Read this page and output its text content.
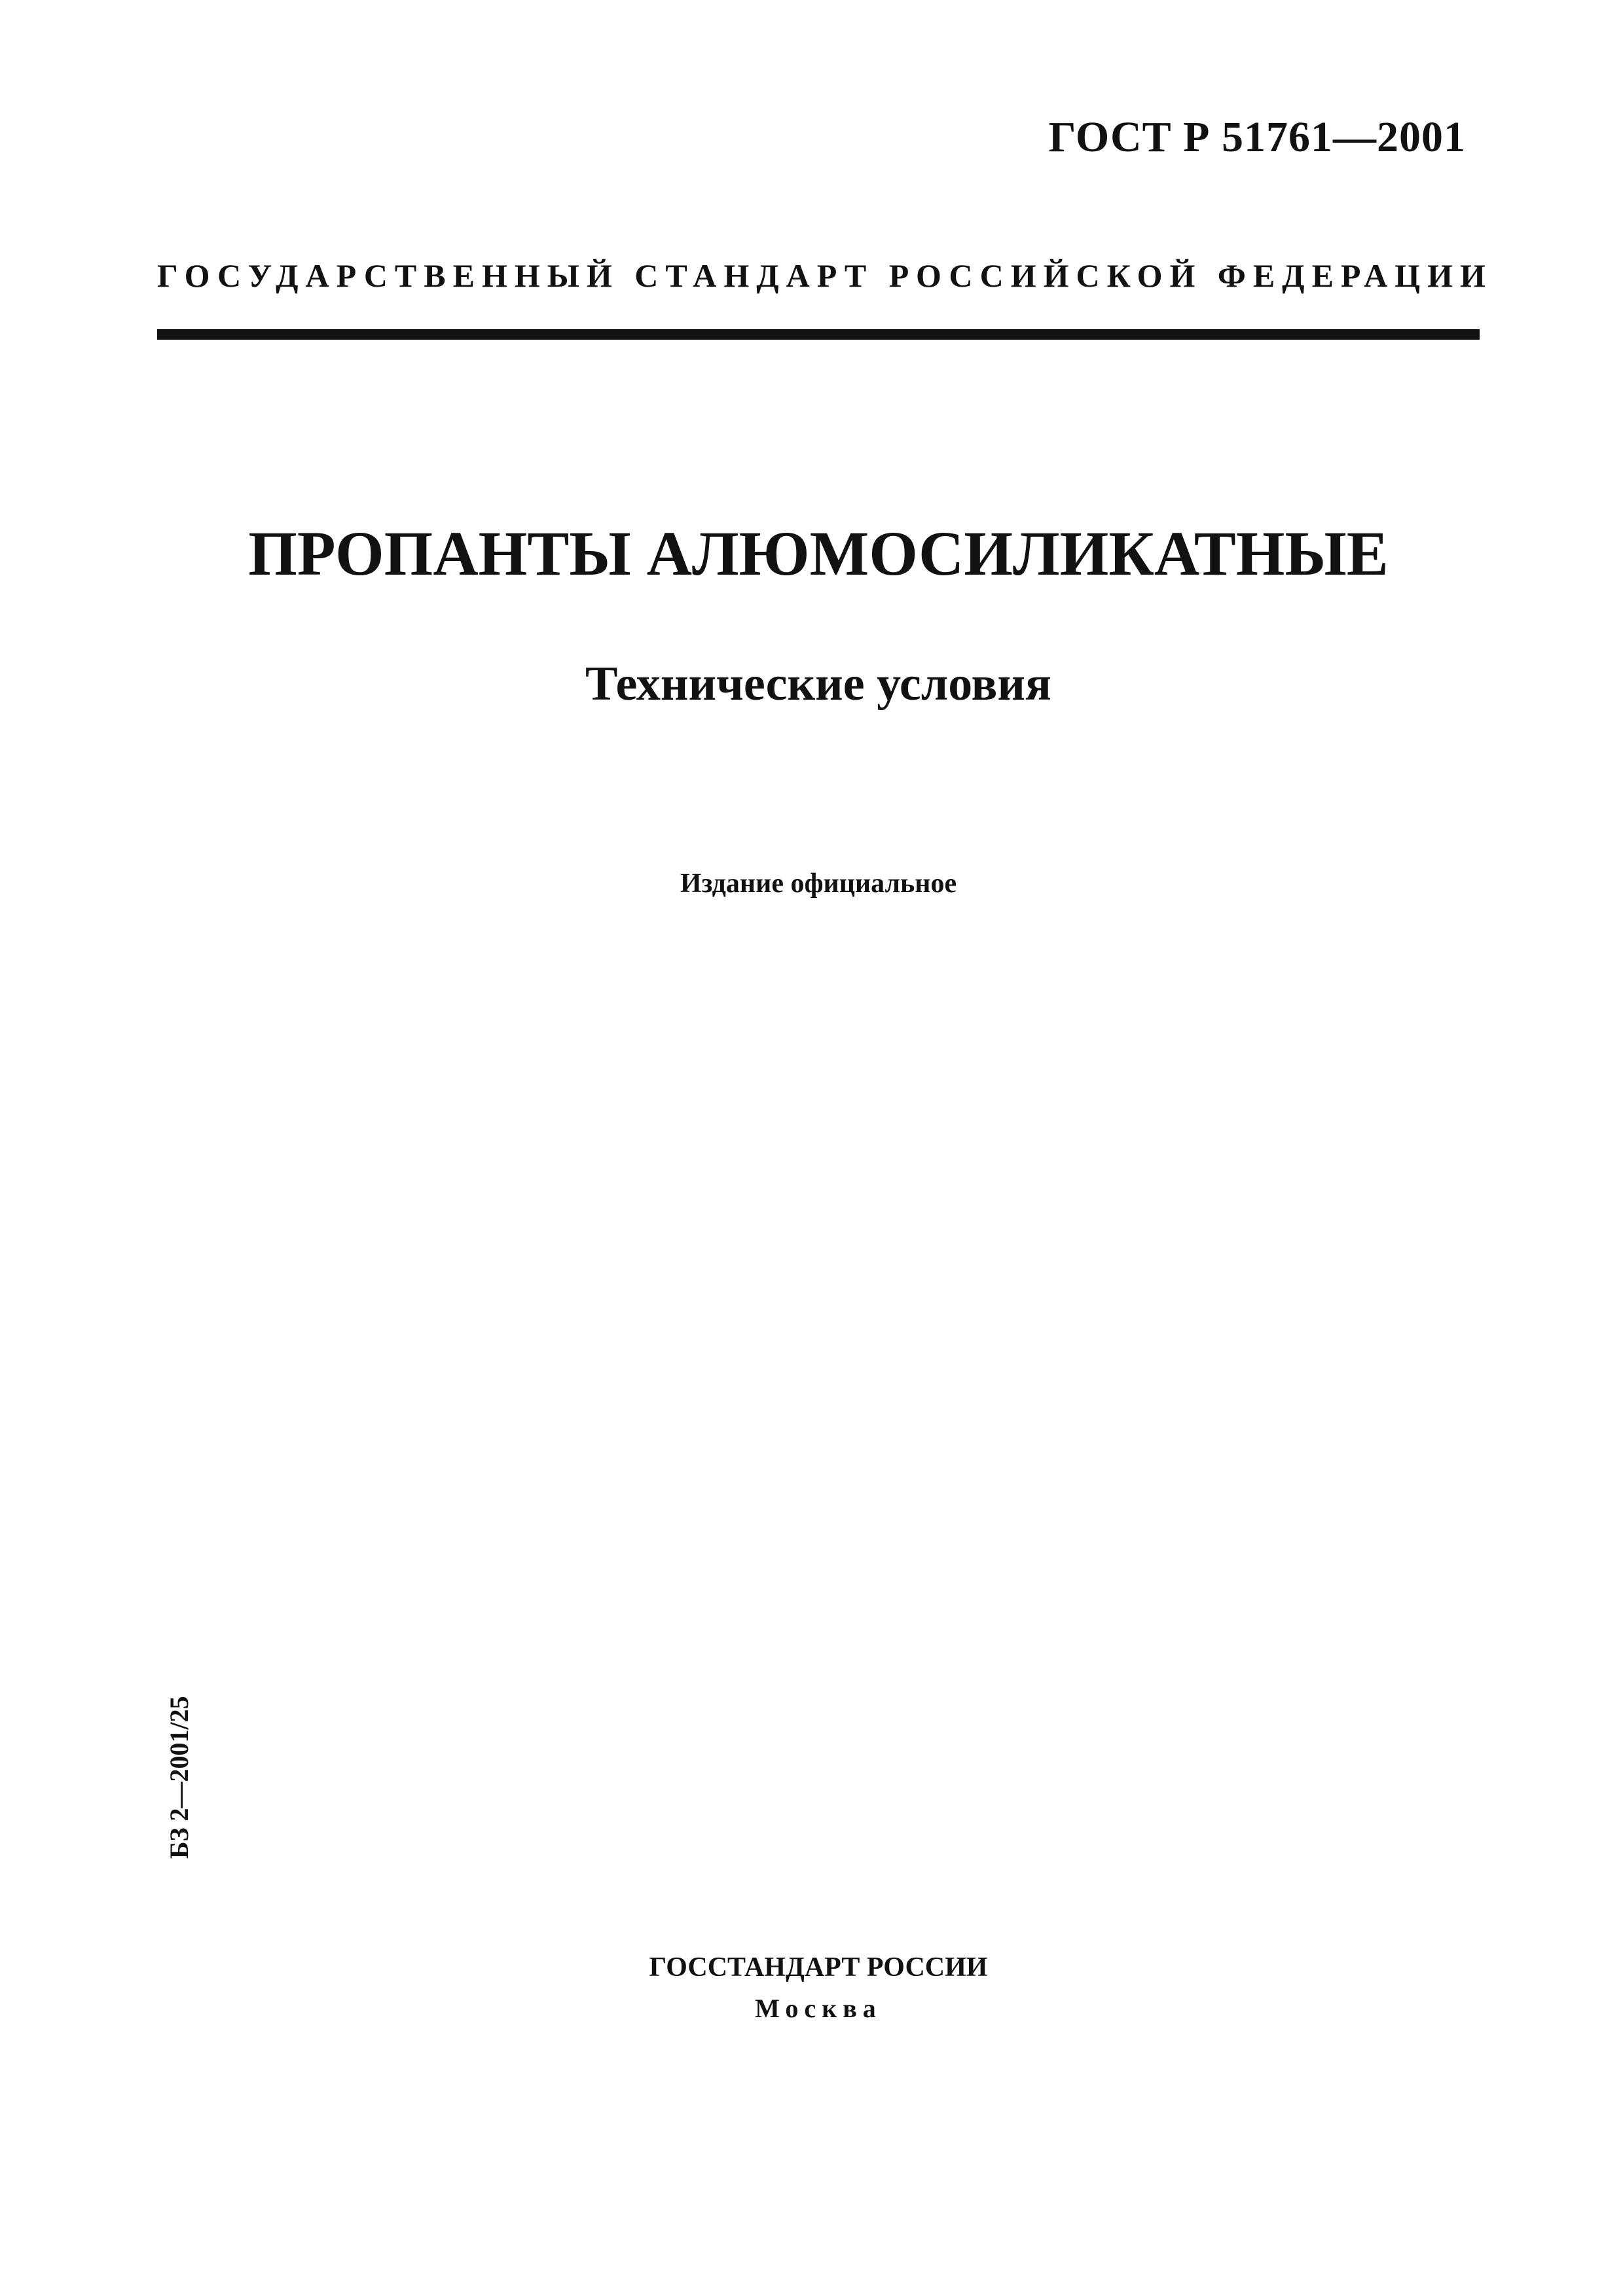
ГОСТ Р 51761—2001
ГОСУДАРСТВЕННЫЙ СТАНДАРТ РОССИЙСКОЙ ФЕДЕРАЦИИ
ПРОПАНТЫ АЛЮМОСИЛИКАТНЫЕ
Технические условия
Издание официальное
БЗ 2—2001/25
ГОССТАНДАРТ РОССИИ
Москва
